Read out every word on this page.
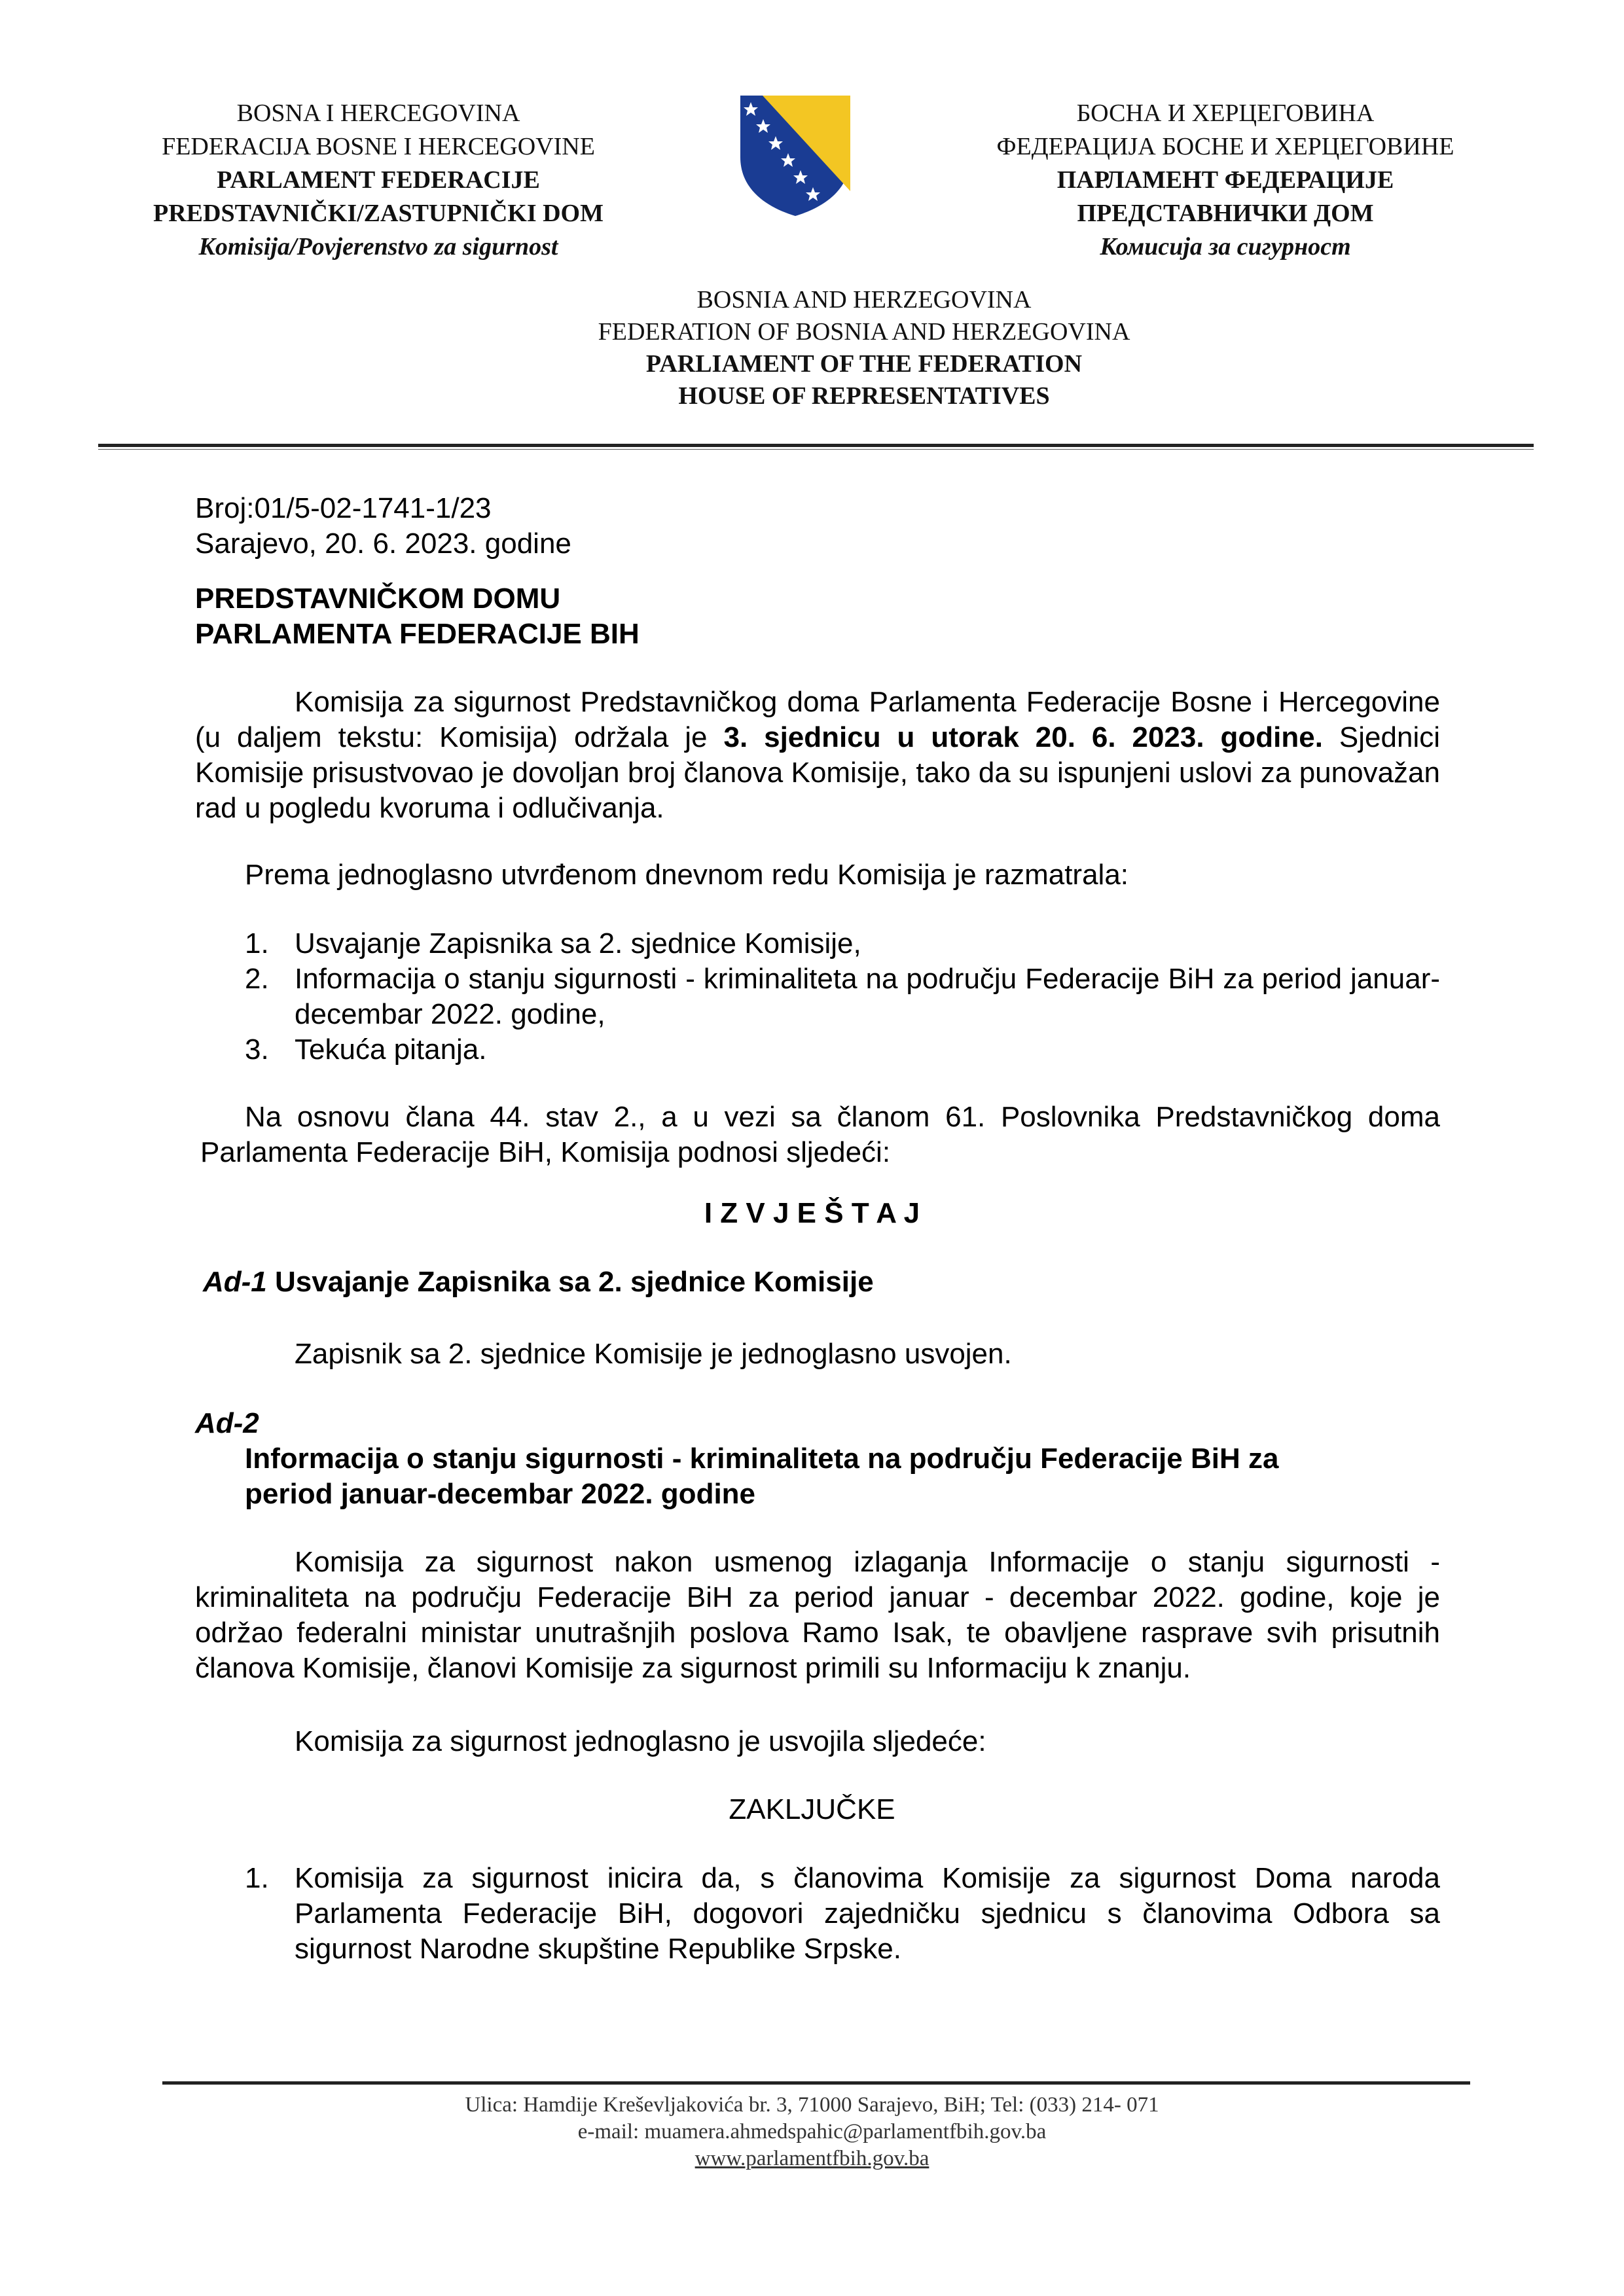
BOSNA I HERCEGOVINA
FEDERACIJA BOSNE I HERCEGOVINE
PARLAMENT FEDERACIJE
PREDSTAVNIČKI/ZASTUPNIČKI DOM
Komisija/Povjerenstvo za sigurnost
БОСНА И ХЕРЦЕГОВИНА
ФЕДЕРАЦИЈА БОСНЕ И ХЕРЦЕГОВИНЕ
ПАРЛАМЕНТ ФЕДЕРАЦИЈЕ
ПРЕДСТАВНИЧКИ ДОМ
Комисија за сигурност
BOSNIA AND HERZEGOVINA
FEDERATION OF BOSNIA AND HERZEGOVINA
PARLIAMENT OF THE FEDERATION
HOUSE OF REPRESENTATIVES
Broj:01/5-02-1741-1/23
Sarajevo, 20. 6. 2023. godine
PREDSTAVNIČKOM DOMU
PARLAMENTA FEDERACIJE BIH
Komisija za sigurnost Predstavničkog doma Parlamenta Federacije Bosne i Hercegovine (u daljem tekstu: Komisija) održala je 3. sjednicu u utorak 20. 6. 2023. godine. Sjednici Komisije prisustvovao je dovoljan broj članova Komisije, tako da su ispunjeni uslovi za punovažan rad u pogledu kvoruma i odlučivanja.
Prema jednoglasno utvrđenom dnevnom redu Komisija je razmatrala:
1. Usvajanje Zapisnika sa 2. sjednice Komisije,
2. Informacija o stanju sigurnosti - kriminaliteta na području Federacije BiH za period januar-decembar 2022. godine,
3. Tekuća pitanja.
Na osnovu člana 44. stav 2., a u vezi sa članom 61. Poslovnika Predstavničkog doma Parlamenta Federacije BiH, Komisija podnosi sljedeći:
I Z V J E Š T A J
Ad-1 Usvajanje Zapisnika sa 2. sjednice Komisije
Zapisnik sa 2. sjednice Komisije je jednoglasno usvojen.
Ad-2
Informacija o stanju sigurnosti - kriminaliteta na području Federacije BiH za period januar-decembar 2022. godine
Komisija za sigurnost nakon usmenog izlaganja Informacije o stanju sigurnosti - kriminaliteta na području Federacije BiH za period januar - decembar 2022. godine, koje je održao federalni ministar unutrašnjih poslova Ramo Isak, te obavljene rasprave svih prisutnih članova Komisije, članovi Komisije za sigurnost primili su Informaciju k znanju.
Komisija za sigurnost jednoglasno je usvojila sljedeće:
ZAKLJUČKE
1. Komisija za sigurnost inicira da, s članovima Komisije za sigurnost Doma naroda Parlamenta Federacije BiH, dogovori zajedničku sjednicu s članovima Odbora sa sigurnost Narodne skupštine Republike Srpske.
Ulica: Hamdije Kreševljakovića br. 3, 71000 Sarajevo, BiH; Tel: (033) 214- 071
e-mail: muamera.ahmedspahic@parlamentfbih.gov.ba
www.parlamentfbih.gov.ba
